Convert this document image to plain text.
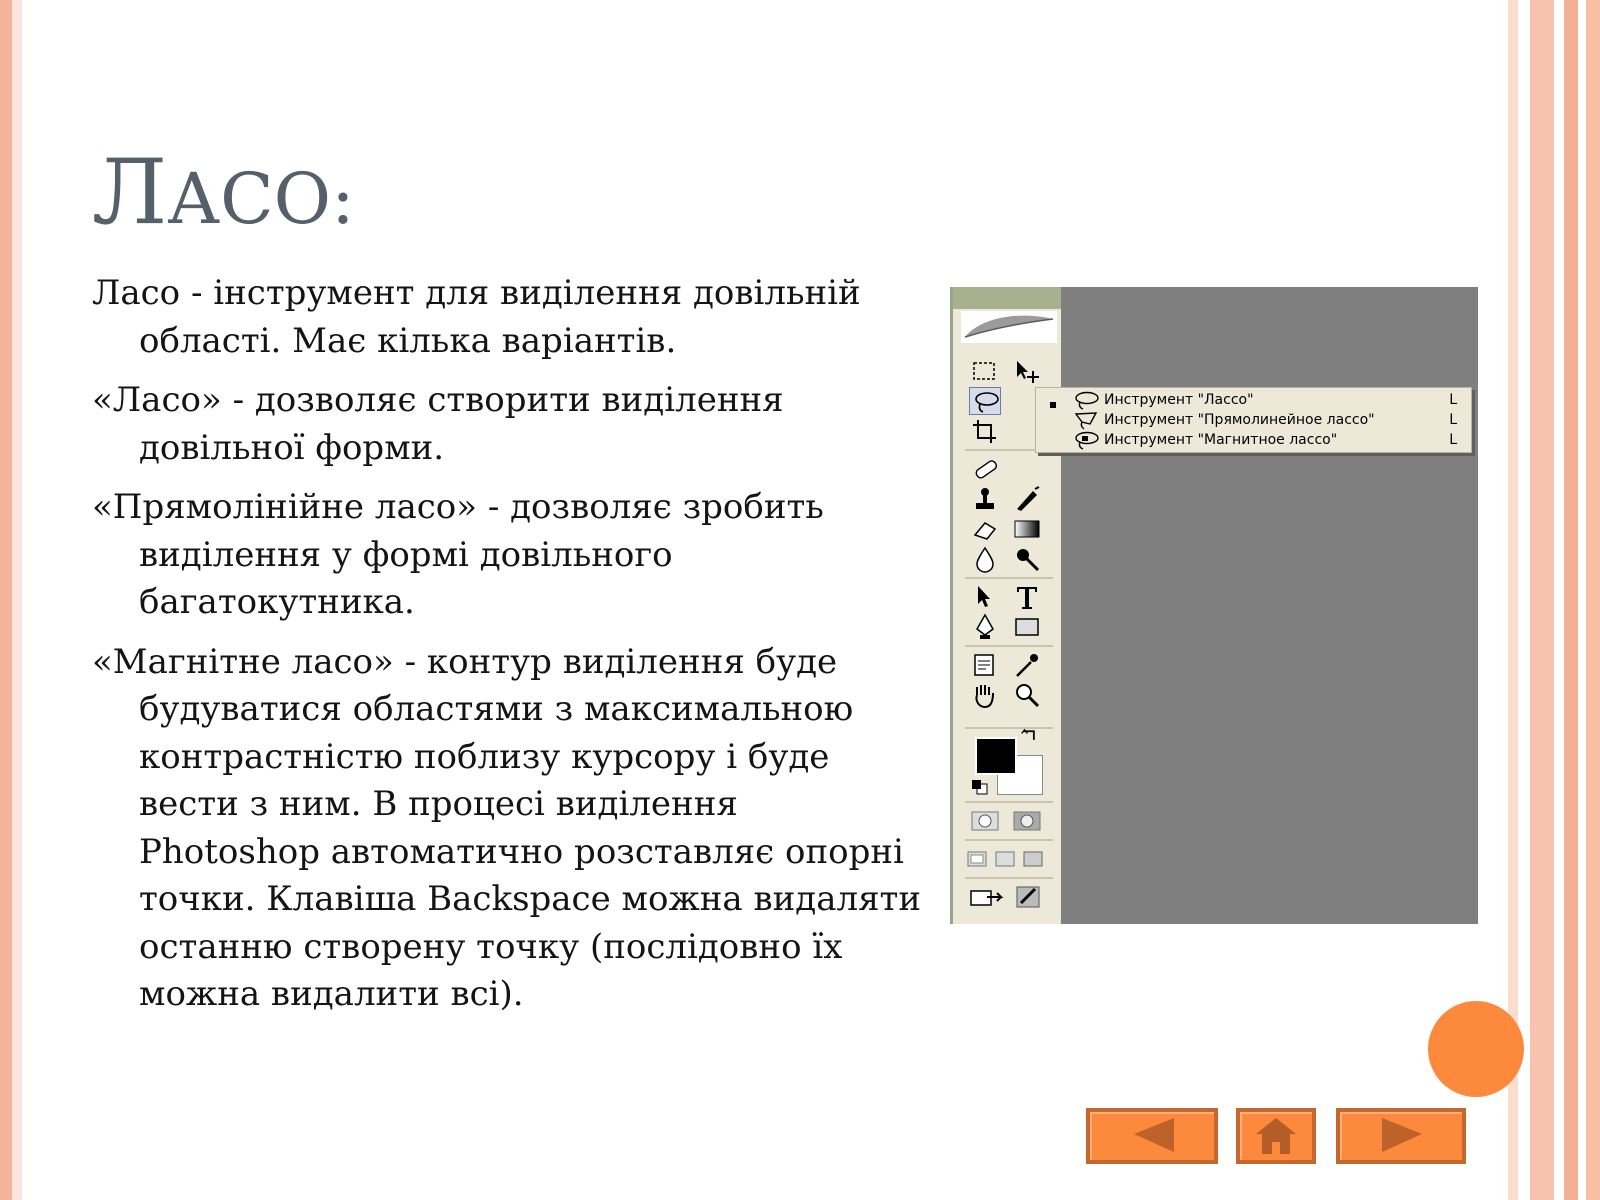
ЛАСО:

Ласо - інструмент для виділення довільній області. Має кілька варіантів.

«Ласо» - дозволяє створити виділення довільної форми.

«Прямолінійне ласо» - дозволяє зробить виділення у формі довільного багатокутника.

«Магнітне ласо» - контур виділення буде будуватися областями з максимальною контрастністю поблизу курсору і буде вести з ним. В процесі виділення Photoshop автоматично розставляє опорні точки. Клавіша Backspace можна видаляти останню створену точку (послідовно їх можна видалити всі).

Инструмент "Лассо"	L
Инструмент "Прямолинейное лассо"	L
Инструмент "Магнитное лассо"	L
